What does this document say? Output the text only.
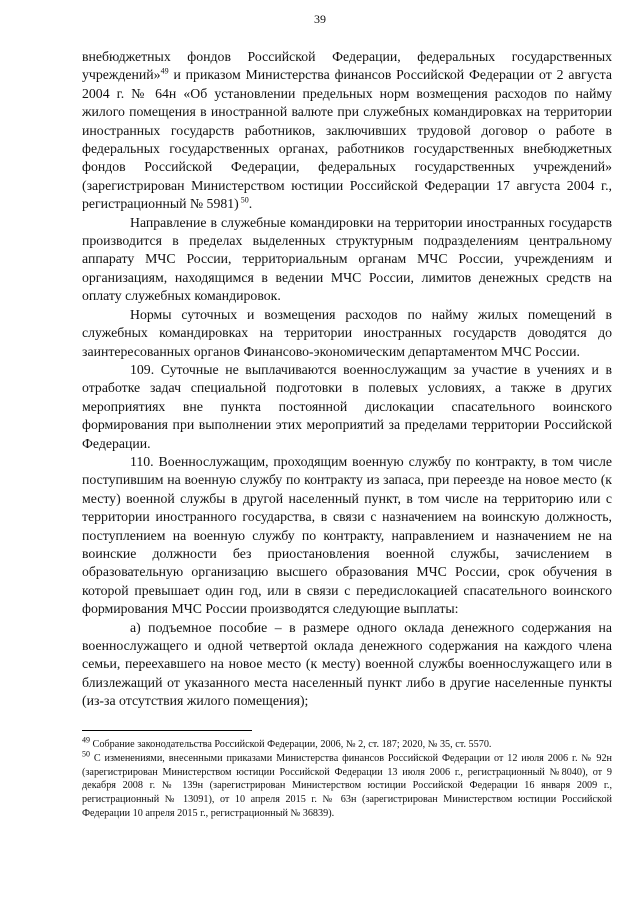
39

внебюджетных фондов Российской Федерации, федеральных государственных учреждений»$^{49}$ и приказом Министерства финансов Российской Федерации от 2 августа 2004 г. № 64н «Об установлении предельных норм возмещения расходов по найму жилого помещения в иностранной валюте при служебных командировках на территории иностранных государств работников, заключивших трудовой договор о работе в федеральных государственных органах, работников государственных внебюджетных фондов Российской Федерации, федеральных государственных учреждений» (зарегистрирован Министерством юстиции Российской Федерации 17 августа 2004 г., регистрационный № 5981) $^{50}$.

Направление в служебные командировки на территории иностранных государств производится в пределах выделенных структурным подразделениям центральному аппарату МЧС России, территориальным органам МЧС России, учреждениям и организациям, находящимся в ведении МЧС России, лимитов денежных средств на оплату служебных командировок.

Нормы суточных и возмещения расходов по найму жилых помещений в служебных командировках на территории иностранных государств доводятся до заинтересованных органов Финансово-экономическим департаментом МЧС России.

109. Суточные не выплачиваются военнослужащим за участие в учениях и в отработке задач специальной подготовки в полевых условиях, а также в других мероприятиях вне пункта постоянной дислокации спасательного воинского формирования при выполнении этих мероприятий за пределами территории Российской Федерации.

110. Военнослужащим, проходящим военную службу по контракту, в том числе поступившим на военную службу по контракту из запаса, при переезде на новое место (к месту) военной службы в другой населенный пункт, в том числе на территорию или с территории иностранного государства, в связи с назначением на воинскую должность, поступлением на военную службу по контракту, направлением и назначением не на воинские должности без приостановления военной службы, зачислением в образовательную организацию высшего образования МЧС России, срок обучения в которой превышает один год, или в связи с передислокацией спасательного воинского формирования МЧС России производятся следующие выплаты:

а) подъемное пособие – в размере одного оклада денежного содержания на военнослужащего и одной четвертой оклада денежного содержания на каждого члена семьи, переехавшего на новое место (к месту) военной службы военнослужащего или в близлежащий от указанного места населенный пункт либо в другие населенные пункты (из-за отсутствия жилого помещения);

$^{49}$ Собрание законодательства Российской Федерации, 2006, № 2, ст. 187; 2020, № 35, ст. 5570.

$^{50}$ С изменениями, внесенными приказами Министерства финансов Российской Федерации от 12 июля 2006 г. № 92н (зарегистрирован Министерством юстиции Российской Федерации 13 июля 2006 г., регистрационный №8040), от 9 декабря 2008 г. № 139н (зарегистрирован Министерством юстиции Российской Федерации 16 января 2009 г., регистрационный № 13091), от 10 апреля 2015 г. № 63н (зарегистрирован Министерством юстиции Российской Федерации 10 апреля 2015 г., регистрационный № 36839).
